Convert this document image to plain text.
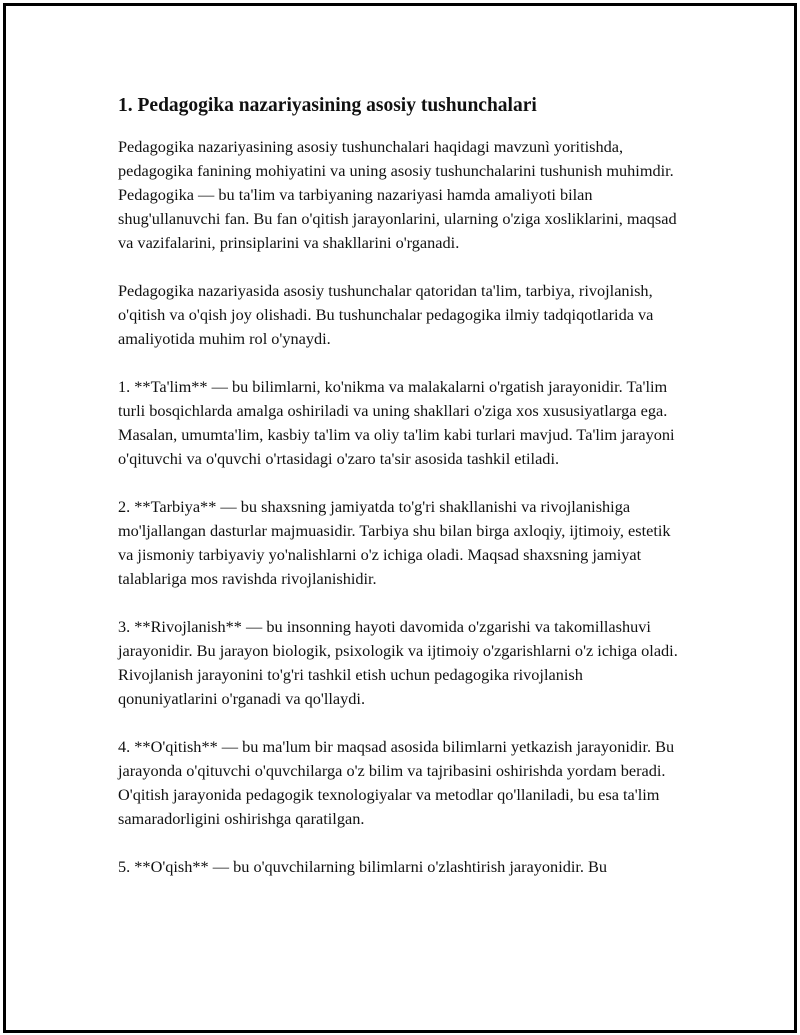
1. Pedagogika nazariyasining asosiy tushunchalari

Pedagogika nazariyasining asosiy tushunchalari haqidagi mavzunì yoritishda, pedagogika fanining mohiyatini va uning asosiy tushunchalarini tushunish muhimdir. Pedagogika — bu ta'lim va tarbiyaning nazariyasi hamda amaliyoti bilan shug'ullanuvchi fan. Bu fan o'qitish jarayonlarini, ularning o'ziga xosliklarini, maqsad va vazifalarini, prinsiplarini va shakllarini o'rganadi.

Pedagogika nazariyasida asosiy tushunchalar qatoridan ta'lim, tarbiya, rivojlanish, o'qitish va o'qish joy olishadi. Bu tushunchalar pedagogika ilmiy tadqiqotlarida va amaliyotida muhim rol o'ynaydi.

1. **Ta'lim** — bu bilimlarni, ko'nikma va malakalarni o'rgatish jarayonidir. Ta'lim turli bosqichlarda amalga oshiriladi va uning shakllari o'ziga xos xususiyatlarga ega. Masalan, umumta'lim, kasbiy ta'lim va oliy ta'lim kabi turlari mavjud. Ta'lim jarayoni o'qituvchi va o'quvchi o'rtasidagi o'zaro ta'sir asosida tashkil etiladi.

2. **Tarbiya** — bu shaxsning jamiyatda to'g'ri shakllanishi va rivojlanishiga mo'ljallangan dasturlar majmuasidir. Tarbiya shu bilan birga axloqiy, ijtimoiy, estetik va jismoniy tarbiyaviy yo'nalishlarni o'z ichiga oladi. Maqsad shaxsning jamiyat talablariga mos ravishda rivojlanishidir.

3. **Rivojlanish** — bu insonning hayoti davomida o'zgarishi va takomillashuvi jarayonidir. Bu jarayon biologik, psixologik va ijtimoiy o'zgarishlarni o'z ichiga oladi. Rivojlanish jarayonini to'g'ri tashkil etish uchun pedagogika rivojlanish qonuniyatlarini o'rganadi va qo'llaydi.

4. **O'qitish** — bu ma'lum bir maqsad asosida bilimlarni yetkazish jarayonidir. Bu jarayonda o'qituvchi o'quvchilarga o'z bilim va tajribasini oshirishda yordam beradi. O'qitish jarayonida pedagogik texnologiyalar va metodlar qo'llaniladi, bu esa ta'lim samaradorligini oshirishga qaratilgan.

5. **O'qish** — bu o'quvchilarning bilimlarni o'zlashtirish jarayonidir. Bu
